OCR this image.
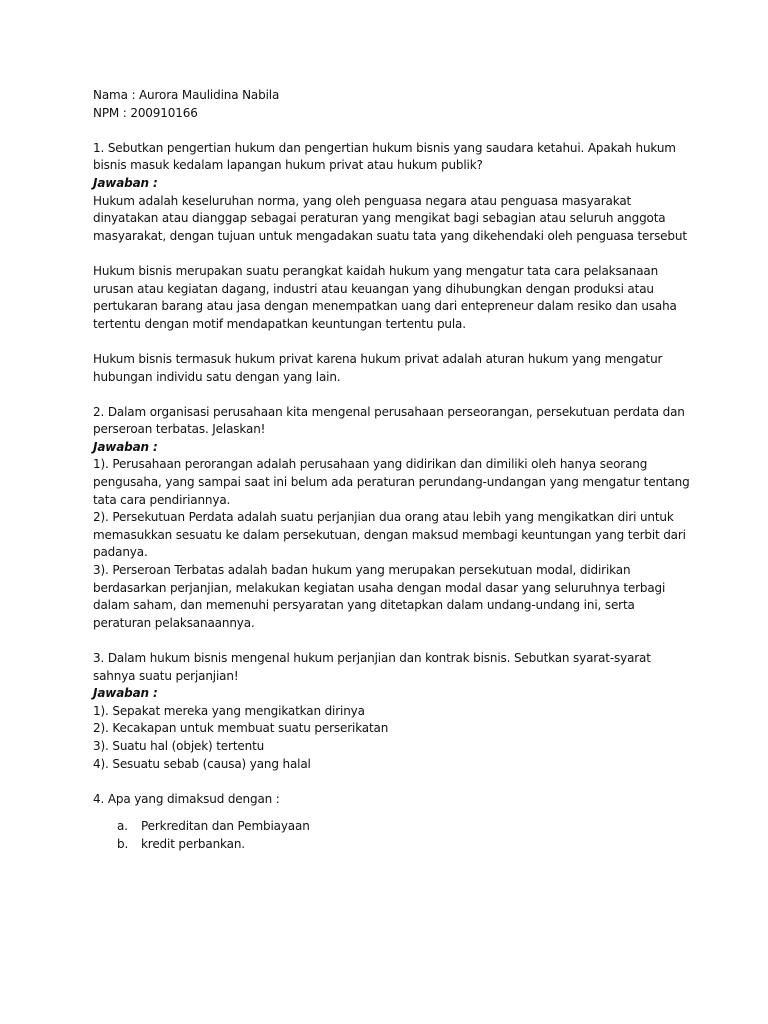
Nama : Aurora Maulidina Nabila

NPM : 200910166

1. Sebutkan pengertian hukum dan pengertian hukum bisnis yang saudara ketahui. Apakah hukum

bisnis masuk kedalam lapangan hukum privat atau hukum publik?

Jawaban :

Hukum adalah keseluruhan norma, yang oleh penguasa negara atau penguasa masyarakat

dinyatakan atau dianggap sebagai peraturan yang mengikat bagi sebagian atau seluruh anggota

masyarakat, dengan tujuan untuk mengadakan suatu tata yang dikehendaki oleh penguasa tersebut

Hukum bisnis merupakan suatu perangkat kaidah hukum yang mengatur tata cara pelaksanaan

urusan atau kegiatan dagang, industri atau keuangan yang dihubungkan dengan produksi atau

pertukaran barang atau jasa dengan menempatkan uang dari entepreneur dalam resiko dan usaha

tertentu dengan motif mendapatkan keuntungan tertentu pula.

Hukum bisnis termasuk hukum privat karena hukum privat adalah aturan hukum yang mengatur

hubungan individu satu dengan yang lain.

2. Dalam organisasi perusahaan kita mengenal perusahaan perseorangan, persekutuan perdata dan

perseroan terbatas. Jelaskan!

Jawaban :

1). Perusahaan perorangan adalah perusahaan yang didirikan dan dimiliki oleh hanya seorang

pengusaha, yang sampai saat ini belum ada peraturan perundang-undangan yang mengatur tentang

tata cara pendiriannya.

2). Persekutuan Perdata adalah suatu perjanjian dua orang atau lebih yang mengikatkan diri untuk

memasukkan sesuatu ke dalam persekutuan, dengan maksud membagi keuntungan yang terbit dari

padanya.

3). Perseroan Terbatas adalah badan hukum yang merupakan persekutuan modal, didirikan

berdasarkan perjanjian, melakukan kegiatan usaha dengan modal dasar yang seluruhnya terbagi

dalam saham, dan memenuhi persyaratan yang ditetapkan dalam undang-undang ini, serta

peraturan pelaksanaannya.

3. Dalam hukum bisnis mengenal hukum perjanjian dan kontrak bisnis. Sebutkan syarat-syarat

sahnya suatu perjanjian!

Jawaban :

1). Sepakat mereka yang mengikatkan dirinya

2). Kecakapan untuk membuat suatu perserikatan

3). Suatu hal (objek) tertentu

4). Sesuatu sebab (causa) yang halal

4. Apa yang dimaksud dengan :

a.	Perkreditan dan Pembiayaan
b.	kredit perbankan.
